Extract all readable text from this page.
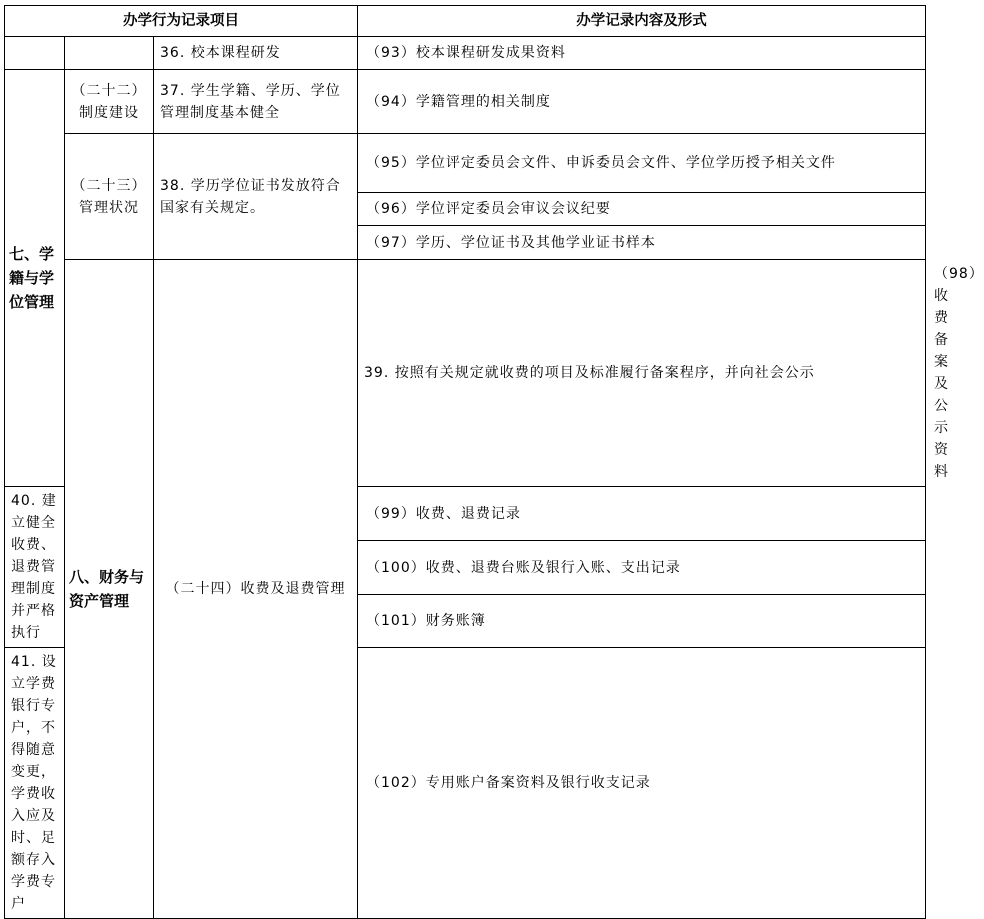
办学行为记录项目			办学记录内容及形式	
		36. 校本课程研发	（93）校本课程研发成果资料	
七、学籍与学位管理	（二十二）制度建设	37. 学生学籍、学历、学位管理制度基本健全	（94）学籍管理的相关制度	
	（二十三）管理状况	38. 学历学位证书发放符合国家有关规定。	（95）学位评定委员会文件、申诉委员会文件、学位学历授予相关文件	
			（96）学位评定委员会审议会议纪要	
			（97）学历、学位证书及其他学业证书样本	
	八、财务与资产管理	（二十四）收费及退费管理	39. 按照有关规定就收费的项目及标准履行备案程序，并向社会公示	（98）收费备案及公示资料
40. 建立健全收费、退费管理制度并严格执行			（99）收费、退费记录	
			（100）收费、退费台账及银行入账、支出记录	
			（101）财务账簿	
41. 设立学费银行专户，不得随意变更，学费收入应及时、足额存入学费专户			（102）专用账户备案资料及银行收支记录	
